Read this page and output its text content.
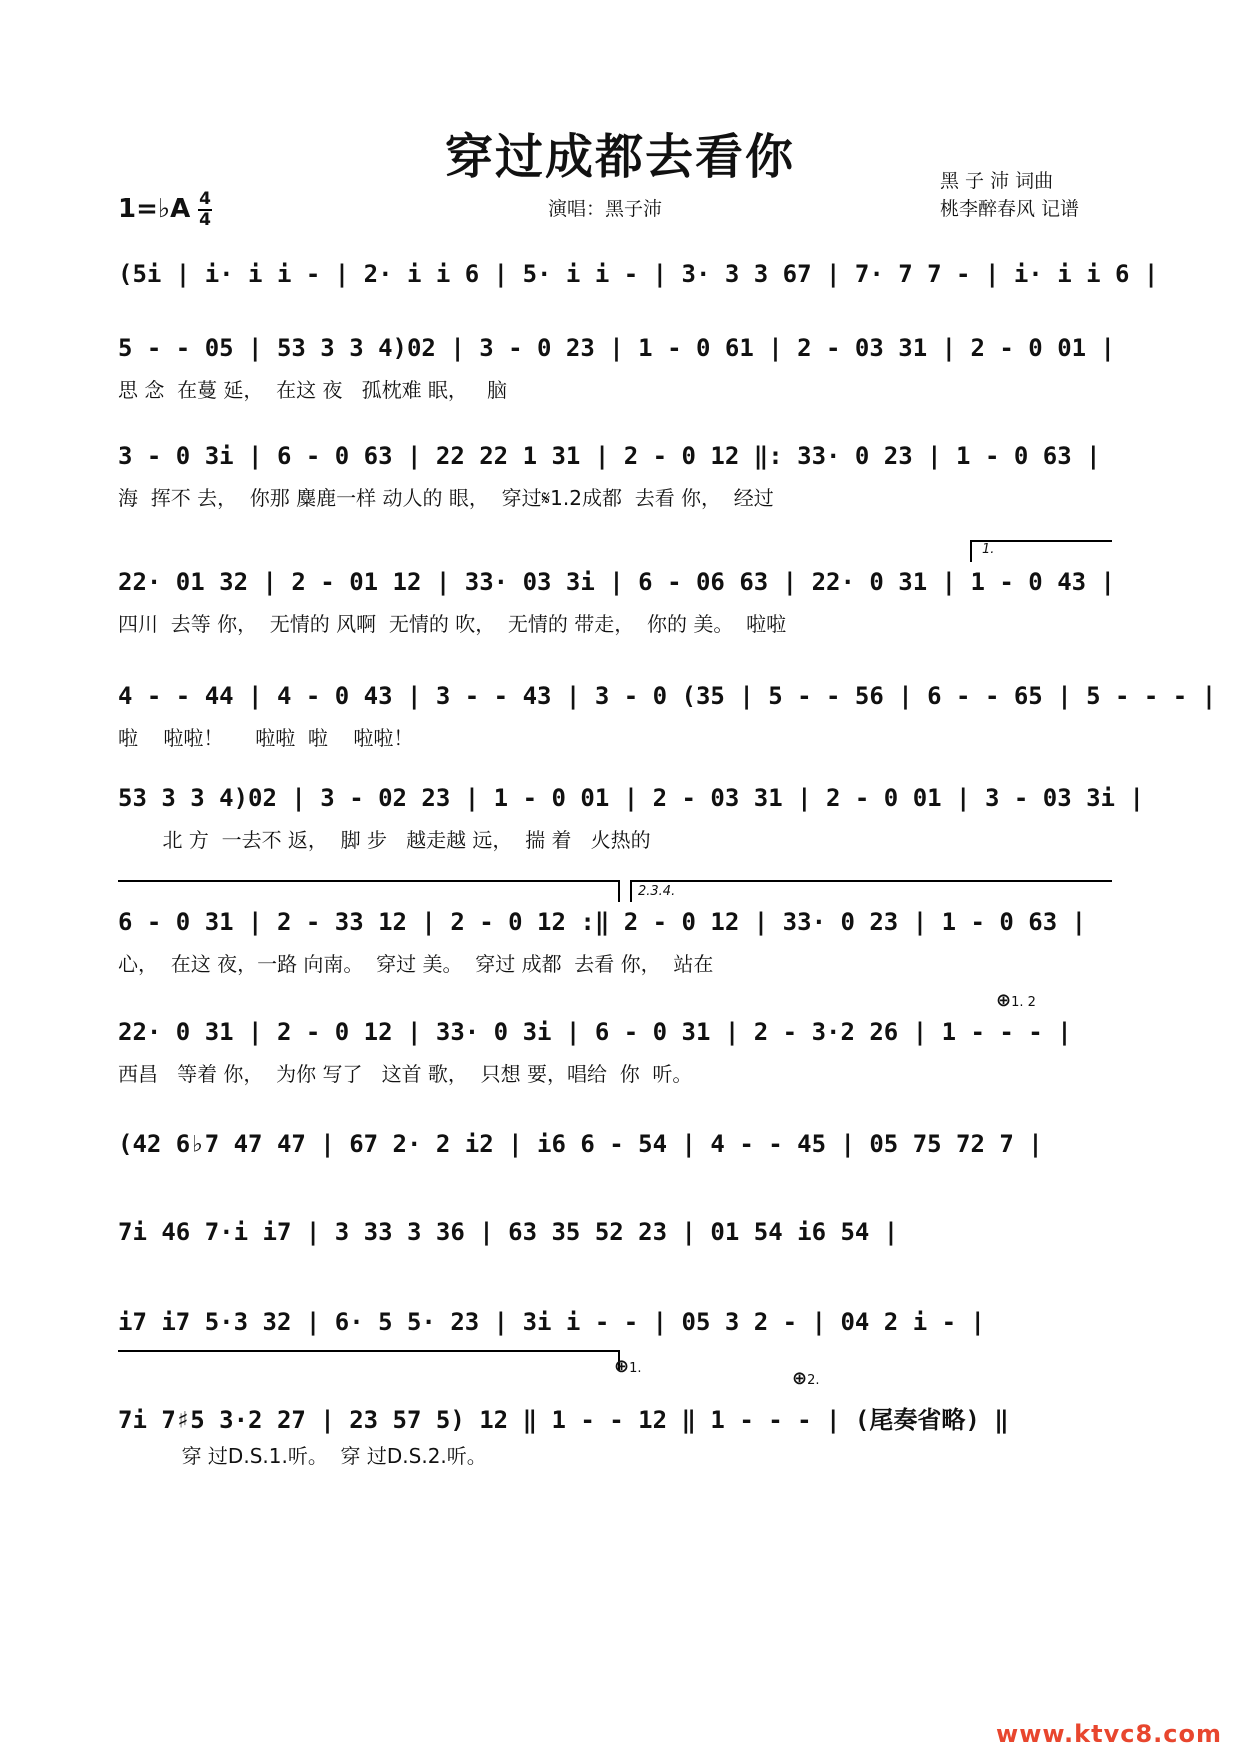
穿过成都去看你	黑 子 沛 词曲
桃李醉春风 记谱
演唱：黑子沛
1=♭A 4
4
(5i | i· i i - | 2· i i 6 | 5· i i - | 3· 3 3 67 | 7· 7 7 - | i· i i 6 |
5 - - 05 | 53 3 3 4)02 | 3 - 0 23 | 1 - 0 61 | 2 - 03 31 | 2 - 0 01 |
思 念  在蔓 延，  在这 夜   孤枕难 眠，   脑
3 - 0 3i | 6 - 0 63 | 22 22 1 31 | 2 - 0 12 ‖: 33· 0 23 | 1 - 0 63 |
海  挥不 去，  你那 麋鹿一样 动人的 眼，  穿过𝄋1.2成都  去看 你，  经过
1.
22· 01 32 | 2 - 01 12 | 33· 03 3i | 6 - 06 63 | 22· 0 31 | 1 - 0 43 |
四川  去等 你，  无情的 风啊  无情的 吹，  无情的 带走，  你的 美。  啦啦
4 - - 44 | 4 - 0 43 | 3 - - 43 | 3 - 0 (35 | 5 - - 56 | 6 - - 65 | 5 - - - |
啦    啦啦！     啦啦  啦    啦啦！
53 3 3 4)02 | 3 - 02 23 | 1 - 0 01 | 2 - 03 31 | 2 - 0 01 | 3 - 03 3i |
北 方  一去不 返，  脚 步   越走越 远，  揣 着   火热的
2.3.4.
6 - 0 31 | 2 - 33 12 | 2 - 0 12 :‖ 2 - 0 12 | 33· 0 23 | 1 - 0 63 |
心，  在这 夜，一路 向南。  穿过 美。  穿过 成都  去看 你，  站在
⊕1. 2
22· 0 31 | 2 - 0 12 | 33· 0 3i | 6 - 0 31 | 2 - 3·2 26 | 1 - - - |
西昌   等着 你，  为你 写了   这首 歌，  只想 要，唱给  你  听。
(42 6♭7 47 47 | 67 2· 2 i2 | i6 6 - 54 | 4 - - 45 | 05 75 72 7 |
7i 46 7·i i7 | 3 33 3 36 | 63 35 52 23 | 01 54 i6 54 |
i7 i7 5·3 32 | 6· 5 5· 23 | 3i i - - | 05 3 2 - | 04 2 i - |
⊕1.	⊕2.
7i 7♯5 3·2 27 | 23 57 5) 12 ‖ 1 - - 12 ‖ 1 - - - | (尾奏省略) ‖
穿 过D.S.1.听。  穿 过D.S.2.听。
www.ktvc8.com
